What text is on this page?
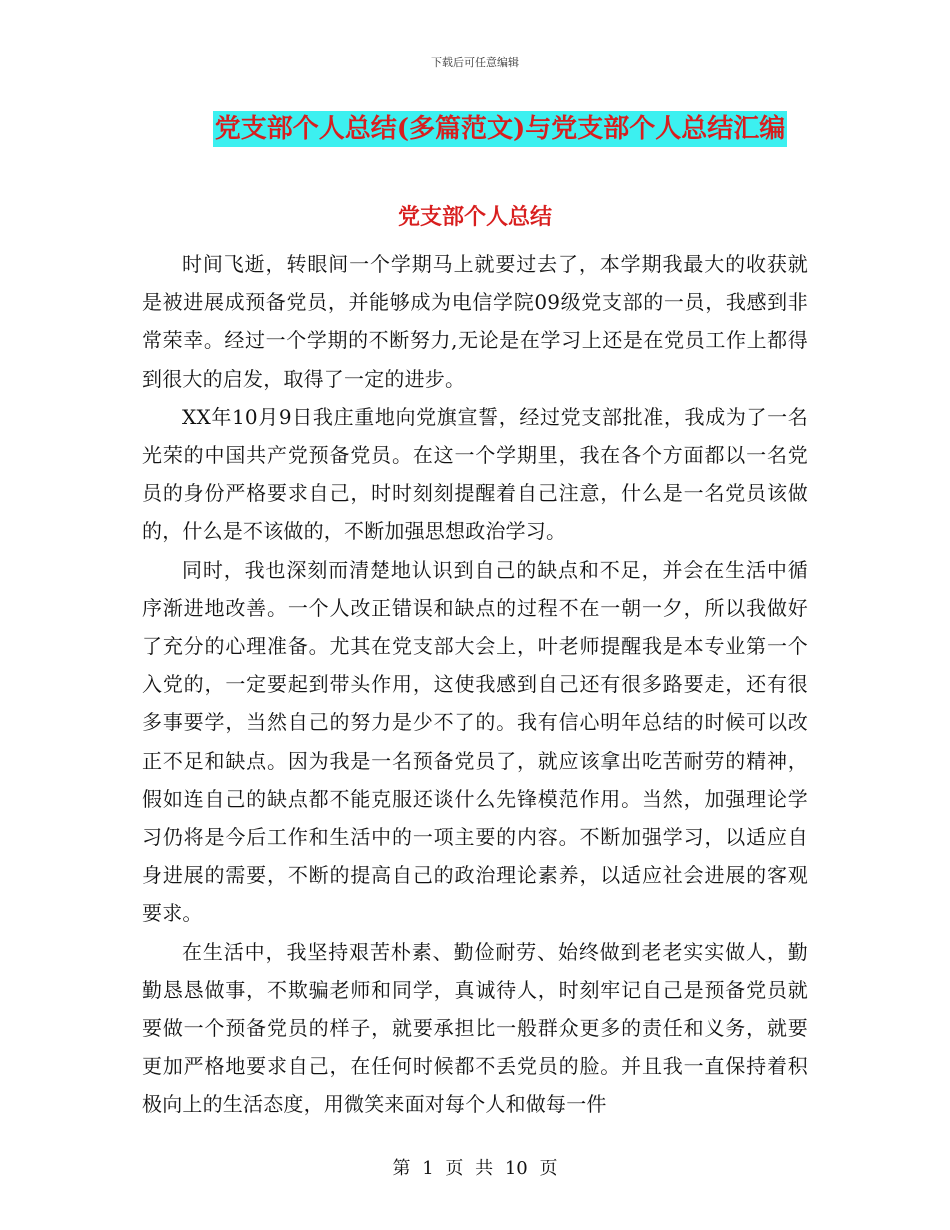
下载后可任意编辑
党支部个人总结(多篇范文)与党支部个人总结汇编
党支部个人总结

时间飞逝，转眼间一个学期马上就要过去了，本学期我最大的收获就是被进展成预备党员，并能够成为电信学院09级党支部的一员，我感到非常荣幸。经过一个学期的不断努力,无论是在学习上还是在党员工作上都得到很大的启发，取得了一定的进步。

XX年10月9日我庄重地向党旗宣誓，经过党支部批准，我成为了一名光荣的中国共产党预备党员。在这一个学期里，我在各个方面都以一名党员的身份严格要求自己，时时刻刻提醒着自己注意，什么是一名党员该做的，什么是不该做的，不断加强思想政治学习。

同时，我也深刻而清楚地认识到自己的缺点和不足，并会在生活中循序渐进地改善。一个人改正错误和缺点的过程不在一朝一夕，所以我做好了充分的心理准备。尤其在党支部大会上，叶老师提醒我是本专业第一个入党的，一定要起到带头作用，这使我感到自己还有很多路要走，还有很多事要学，当然自己的努力是少不了的。我有信心明年总结的时候可以改正不足和缺点。因为我是一名预备党员了，就应该拿出吃苦耐劳的精神，假如连自己的缺点都不能克服还谈什么先锋模范作用。当然，加强理论学习仍将是今后工作和生活中的一项主要的内容。不断加强学习，以适应自身进展的需要，不断的提高自己的政治理论素养，以适应社会进展的客观要求。

在生活中，我坚持艰苦朴素、勤俭耐劳、始终做到老老实实做人，勤勤恳恳做事，不欺骗老师和同学，真诚待人，时刻牢记自己是预备党员就要做一个预备党员的样子，就要承担比一般群众更多的责任和义务，就要更加严格地要求自己，在任何时候都不丢党员的脸。并且我一直保持着积极向上的生活态度，用微笑来面对每个人和做每一件

第 1 页 共 10 页
